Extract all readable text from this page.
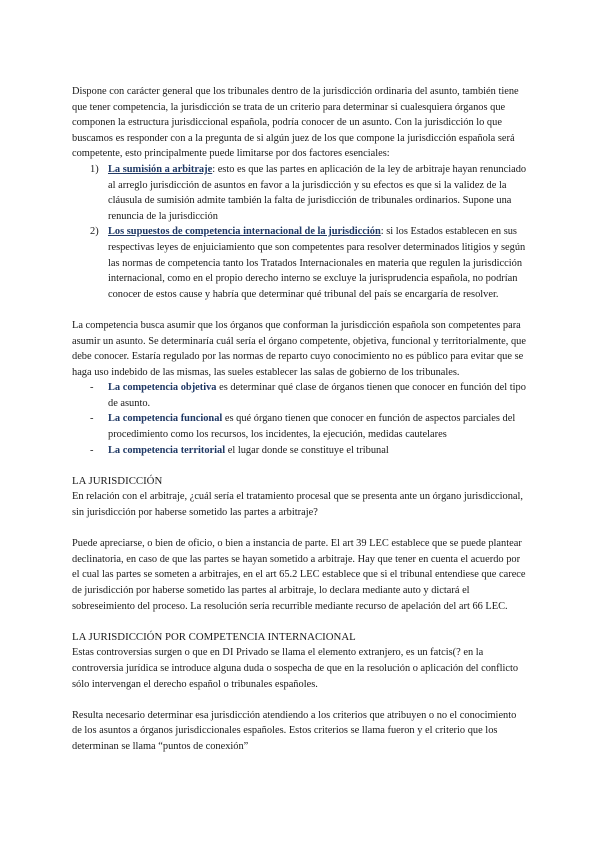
Dispone con carácter general que los tribunales dentro de la jurisdicción ordinaria del asunto, también tiene que tener competencia, la jurisdicción se trata de un criterio para determinar si cualesquiera órganos que componen la estructura jurisdiccional española, podría conocer de un asunto. Con la jurisdicción lo que buscamos es responder con a la pregunta de si algún juez de los que compone la jurisdicción española será competente, esto principalmente puede limitarse por dos factores esenciales:

1) La sumisión a arbitraje: esto es que las partes en aplicación de la ley de arbitraje hayan renunciado al arreglo jurisdicción de asuntos en favor a la jurisdicción y su efectos es que si la validez de la cláusula de sumisión admite también la falta de jurisdicción de tribunales ordinarios. Supone una renuncia de la jurisdicción
2) Los supuestos de competencia internacional de la jurisdicción: si los Estados establecen en sus respectivas leyes de enjuiciamiento que son competentes para resolver determinados litigios y según las normas de competencia tanto los Tratados Internacionales en materia que regulen la jurisdicción internacional, como en el propio derecho interno se excluye la jurisprudencia española, no podrían conocer de estos cause y habría que determinar qué tribunal del país se encargaría de resolver.

La competencia busca asumir que los órganos que conforman la jurisdicción española son competentes para asumir un asunto. Se determinaría cuál sería el órgano competente, objetiva, funcional y territorialmente, que debe conocer. Estaría regulado por las normas de reparto cuyo conocimiento no es público para evitar que se haga uso indebido de las mismas, las sueles establecer las salas de gobierno de los tribunales.

- La competencia objetiva es determinar qué clase de órganos tienen que conocer en función del tipo de asunto.
- La competencia funcional es qué órgano tienen que conocer en función de aspectos parciales del procedimiento como los recursos, los incidentes, la ejecución, medidas cautelares
- La competencia territorial el lugar donde se constituye el tribunal
LA JURISDICCIÓN

En relación con el arbitraje, ¿cuál sería el tratamiento procesal que se presenta ante un órgano jurisdiccional, sin jurisdicción por haberse sometido las partes a arbitraje?

Puede apreciarse, o bien de oficio, o bien a instancia de parte. El art 39 LEC establece que se puede plantear declinatoria, en caso de que las partes se hayan sometido a arbitraje. Hay que tener en cuenta el acuerdo por el cual las partes se someten a arbitrajes, en el art 65.2 LEC establece que si el tribunal entendiese que carece de jurisdicción por haberse sometido las partes al arbitraje, lo declara mediante auto y dictará el sobreseimiento del proceso. La resolución sería recurrible mediante recurso de apelación del art 66 LEC.

LA JURISDICCIÓN POR COMPETENCIA INTERNACIONAL

Estas controversias surgen o que en DI Privado se llama el elemento extranjero, es un fatcis(? en la controversia jurídica se introduce alguna duda o sospecha de que en la resolución o aplicación del conflicto sólo intervengan el derecho español o tribunales españoles.

Resulta necesario determinar esa jurisdicción atendiendo a los criterios que atribuyen o no el conocimiento de los asuntos a órganos jurisdiccionales españoles. Estos criterios se llama fueron y el criterio que los determinan se llama “puntos de conexión”
